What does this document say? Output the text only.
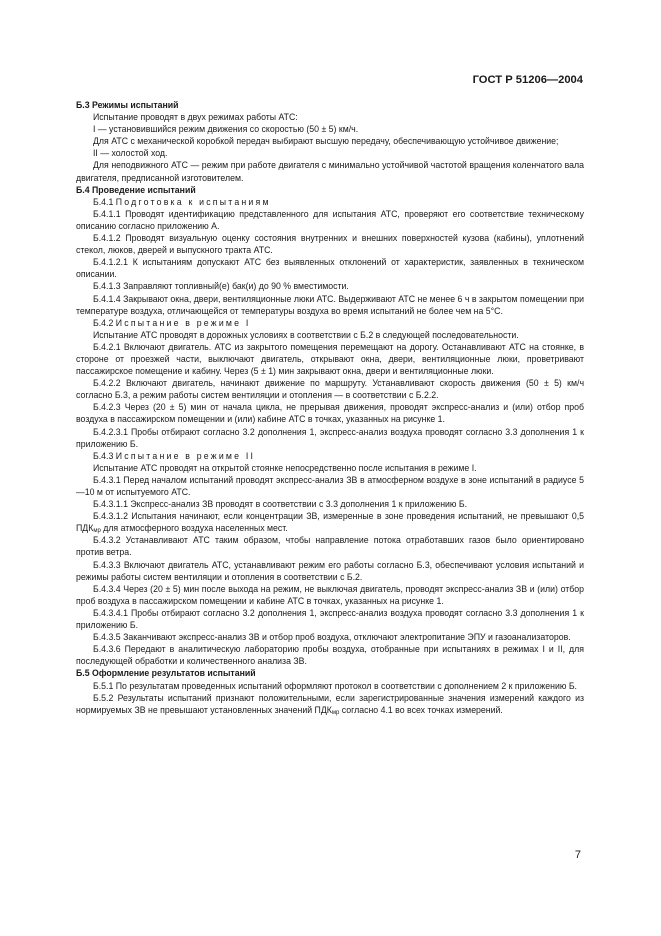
ГОСТ Р 51206—2004

Б.3 Режимы испытаний

Испытание проводят в двух режимах работы АТС:

I — установившийся режим движения со скоростью (50 ± 5) км/ч.

Для АТС с механической коробкой передач выбирают высшую передачу, обеспечивающую устойчивое движение;

II — холостой ход.

Для неподвижного АТС — режим при работе двигателя с минимально устойчивой частотой вращения коленчатого вала двигателя, предписанной изготовителем.

Б.4 Проведение испытаний

Б.4.1 Подготовка к испытаниям

Б.4.1.1 Проводят идентификацию представленного для испытания АТС, проверяют его соответствие техническому описанию согласно приложению А.

Б.4.1.2 Проводят визуальную оценку состояния внутренних и внешних поверхностей кузова (кабины), уплотнений стекол, люков, дверей и выпускного тракта АТС.

Б.4.1.2.1 К испытаниям допускают АТС без выявленных отклонений от характеристик, заявленных в техническом описании.

Б.4.1.3 Заправляют топливный(е) бак(и) до 90 % вместимости.

Б.4.1.4 Закрывают окна, двери, вентиляционные люки АТС. Выдерживают АТС не менее 6 ч в закрытом помещении при температуре воздуха, отличающейся от температуры воздуха во время испытаний не более чем на 5°С.

Б.4.2 Испытание в режиме I

Испытание АТС проводят в дорожных условиях в соответствии с Б.2 в следующей последовательности.

Б.4.2.1 Включают двигатель. АТС из закрытого помещения перемещают на дорогу. Останавливают АТС на стоянке, в стороне от проезжей части, выключают двигатель, открывают окна, двери, вентиляционные люки, проветривают пассажирское помещение и кабину. Через (5 ± 1) мин закрывают окна, двери и вентиляционные люки.

Б.4.2.2 Включают двигатель, начинают движение по маршруту. Устанавливают скорость движения (50 ± 5) км/ч согласно Б.3, а режим работы систем вентиляции и отопления — в соответствии с Б.2.2.

Б.4.2.3 Через (20 ± 5) мин от начала цикла, не прерывая движения, проводят экспресс-анализ и (или) отбор проб воздуха в пассажирском помещении и (или) кабине АТС в точках, указанных на рисунке 1.

Б.4.2.3.1 Пробы отбирают согласно 3.2 дополнения 1, экспресс-анализ воздуха проводят согласно 3.3 дополнения 1 к приложению Б.

Б.4.3 Испытание в режиме II

Испытание АТС проводят на открытой стоянке непосредственно после испытания в режиме I.

Б.4.3.1 Перед началом испытаний проводят экспресс-анализ ЗВ в атмосферном воздухе в зоне испытаний в радиусе 5—10 м от испытуемого АТС.

Б.4.3.1.1 Экспресс-анализ ЗВ проводят в соответствии с 3.3 дополнения 1 к приложению Б.

Б.4.3.1.2 Испытания начинают, если концентрации ЗВ, измеренные в зоне проведения испытаний, не превышают 0,5 $ПДК_{мр}$ для атмосферного воздуха населенных мест.

Б.4.3.2 Устанавливают АТС таким образом, чтобы направление потока отработавших газов было ориентировано против ветра.

Б.4.3.3 Включают двигатель АТС, устанавливают режим его работы согласно Б.3, обеспечивают условия испытаний и режимы работы систем вентиляции и отопления в соответствии с Б.2.

Б.4.3.4 Через (20 ± 5) мин после выхода на режим, не выключая двигатель, проводят экспресс-анализ ЗВ и (или) отбор проб воздуха в пассажирском помещении и кабине АТС в точках, указанных на рисунке 1.

Б.4.3.4.1 Пробы отбирают согласно 3.2 дополнения 1, экспресс-анализ воздуха проводят согласно 3.3 дополнения 1 к приложению Б.

Б.4.3.5 Заканчивают экспресс-анализ ЗВ и отбор проб воздуха, отключают электропитание ЭПУ и газоанализаторов.

Б.4.3.6 Передают в аналитическую лабораторию пробы воздуха, отобранные при испытаниях в режимах I и II, для последующей обработки и количественного анализа ЗВ.

Б.5 Оформление результатов испытаний

Б.5.1 По результатам проведенных испытаний оформляют протокол в соответствии с дополнением 2 к приложению Б.

Б.5.2 Результаты испытаний признают положительными, если зарегистрированные значения измерений каждого из нормируемых ЗВ не превышают установленных значений $ПДК_{мр}$ согласно 4.1 во всех точках измерений.

7
